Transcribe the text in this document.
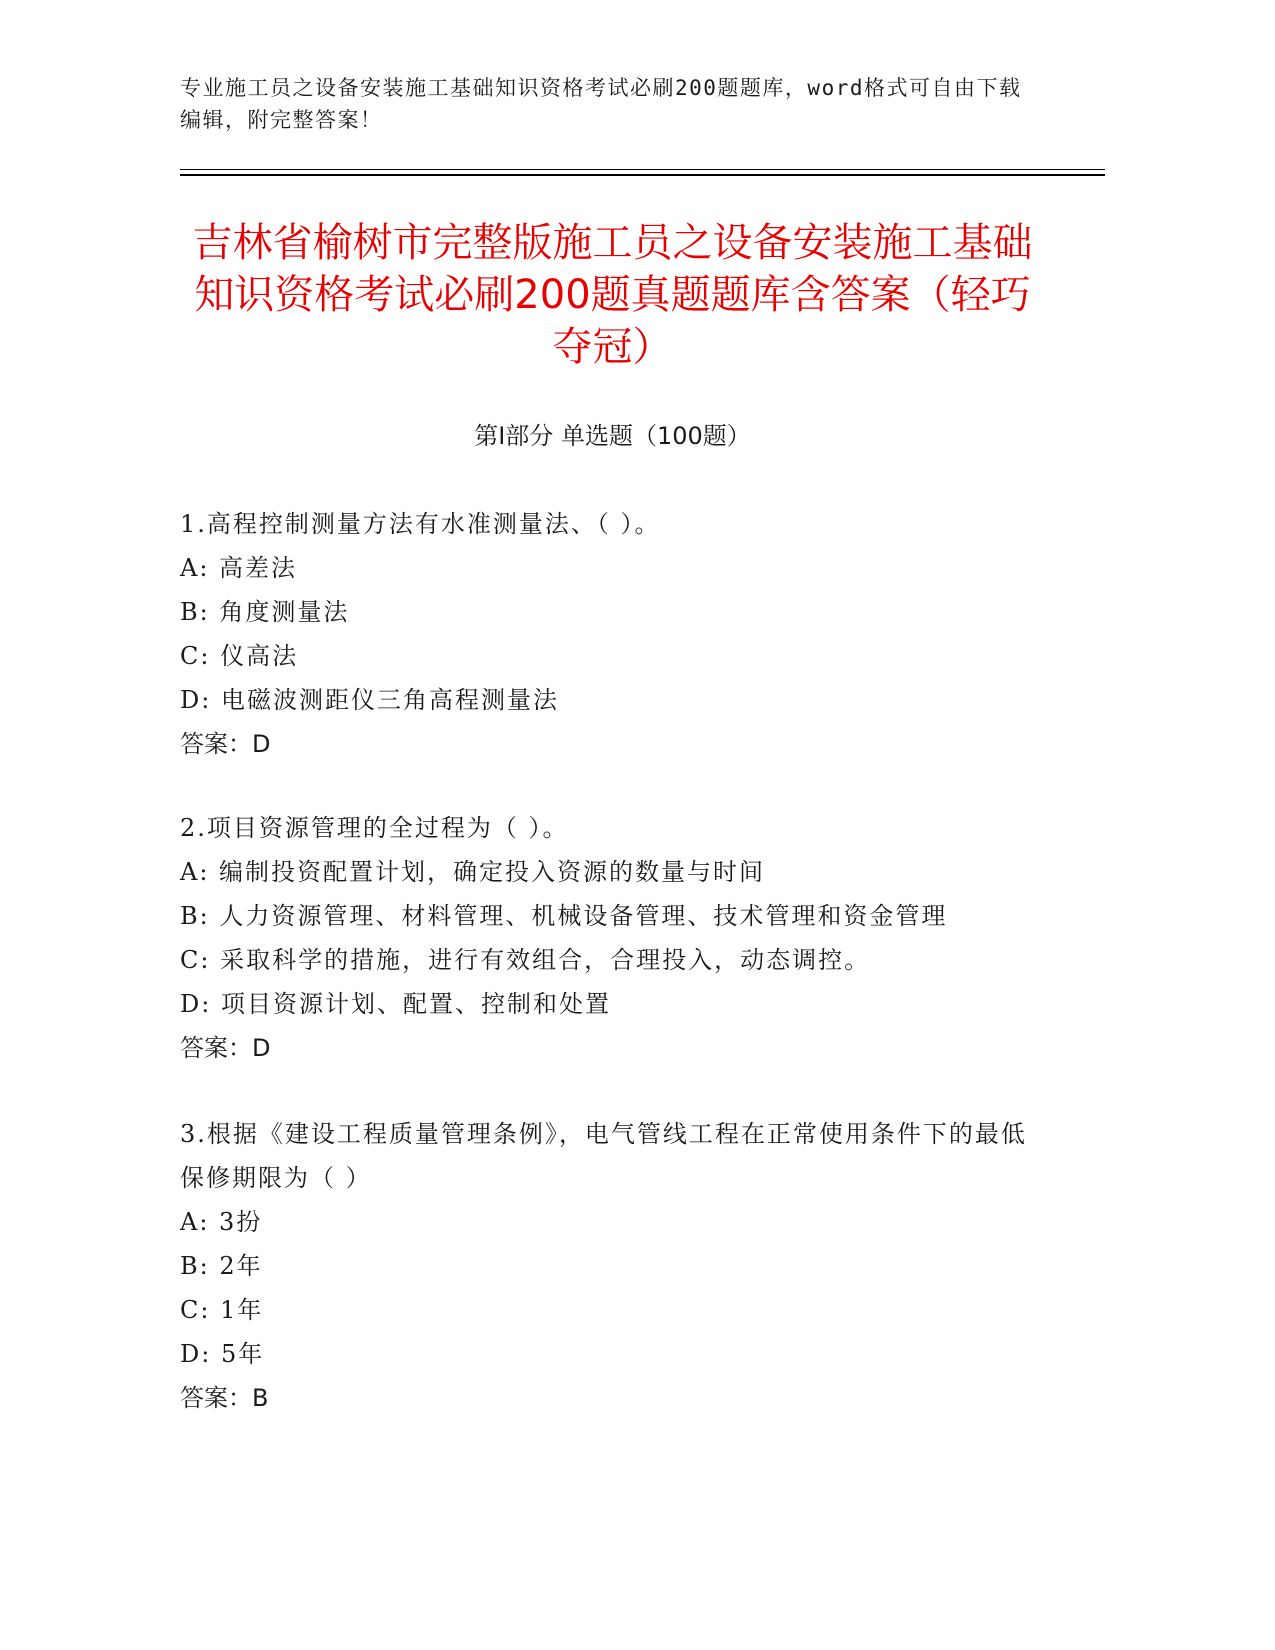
专业施工员之设备安装施工基础知识资格考试必刷200题题库，word格式可自由下载编辑，附完整答案！
吉林省榆树市完整版施工员之设备安装施工基础知识资格考试必刷200题真题题库含答案（轻巧夺冠）
第Ⅰ部分 单选题（100题）
1.高程控制测量方法有水准测量法、（ ）。
A: 高差法
B: 角度测量法
C: 仪高法
D: 电磁波测距仪三角高程测量法
答案：D
2.项目资源管理的全过程为（ ）。
A: 编制投资配置计划，确定投入资源的数量与时间
B: 人力资源管理、材料管理、机械设备管理、技术管理和资金管理
C: 采取科学的措施，进行有效组合，合理投入，动态调控。
D: 项目资源计划、配置、控制和处置
答案：D
3.根据《建设工程质量管理条例》，电气管线工程在正常使用条件下的最低保修期限为（ ）
A: 3扮
B: 2年
C: 1年
D: 5年
答案：B
